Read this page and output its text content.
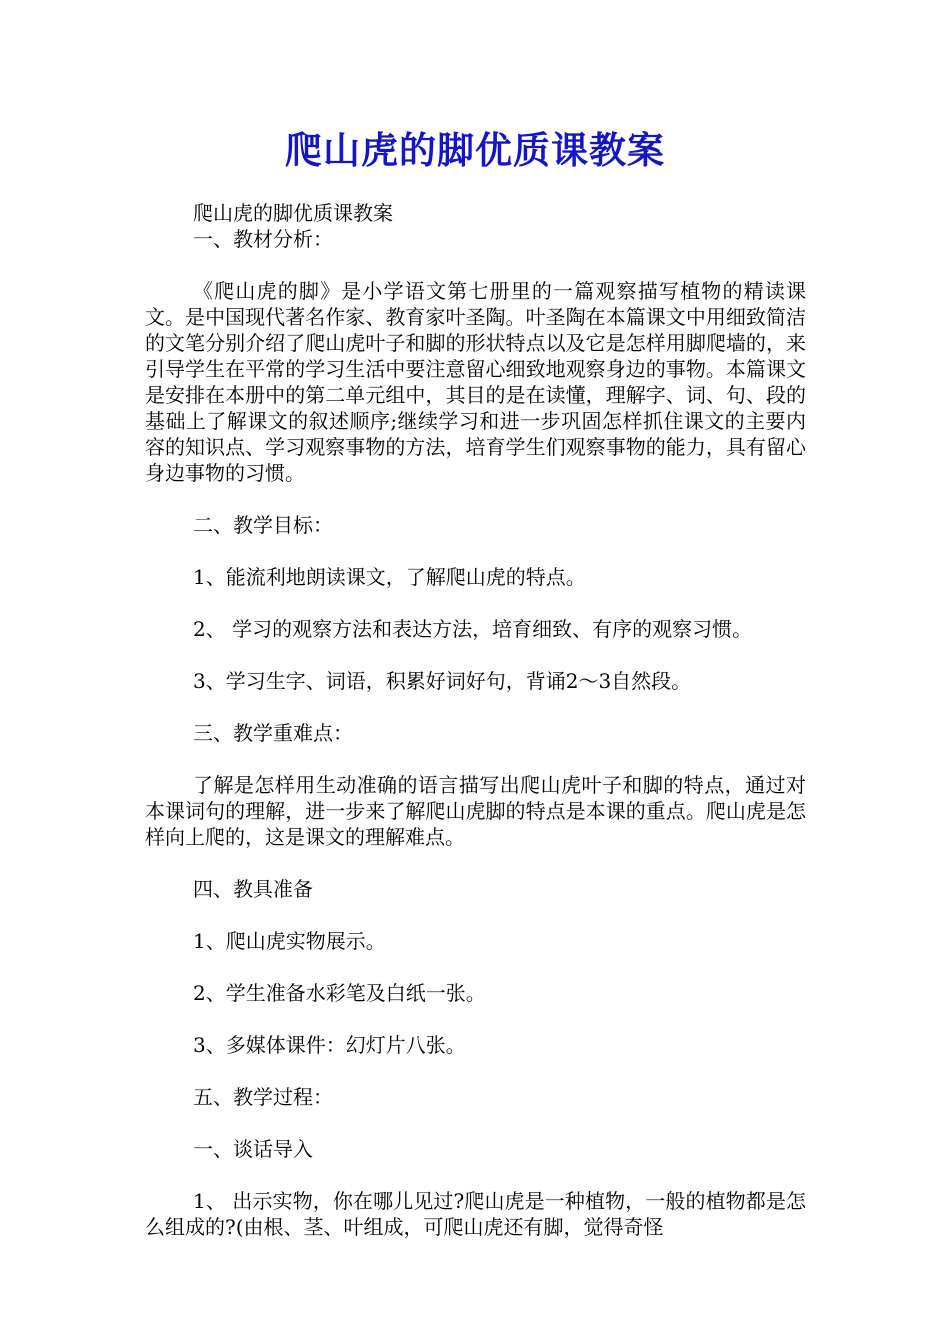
爬山虎的脚优质课教案

爬山虎的脚优质课教案

一、教材分析：

《爬山虎的脚》是小学语文第七册里的一篇观察描写植物的精读课文。是中国现代著名作家、教育家叶圣陶。叶圣陶在本篇课文中用细致简洁的文笔分别介绍了爬山虎叶子和脚的形状特点以及它是怎样用脚爬墙的，来引导学生在平常的学习生活中要注意留心细致地观察身边的事物。本篇课文是安排在本册中的第二单元组中，其目的是在读懂，理解字、词、句、段的基础上了解课文的叙述顺序;继续学习和进一步巩固怎样抓住课文的主要内容的知识点、学习观察事物的方法，培育学生们观察事物的能力，具有留心身边事物的习惯。

二、教学目标：

1、能流利地朗读课文，了解爬山虎的特点。

2、 学习的观察方法和表达方法，培育细致、有序的观察习惯。

3、学习生字、词语，积累好词好句，背诵2～3自然段。

三、教学重难点：

了解是怎样用生动准确的语言描写出爬山虎叶子和脚的特点，通过对本课词句的理解，进一步来了解爬山虎脚的特点是本课的重点。爬山虎是怎样向上爬的，这是课文的理解难点。

四、教具准备

1、爬山虎实物展示。

2、学生准备水彩笔及白纸一张。

3、多媒体课件：幻灯片八张。

五、教学过程：

一、谈话导入

1、 出示实物，你在哪儿见过?爬山虎是一种植物，一般的植物都是怎么组成的?(由根、茎、叶组成，可爬山虎还有脚，觉得奇怪
